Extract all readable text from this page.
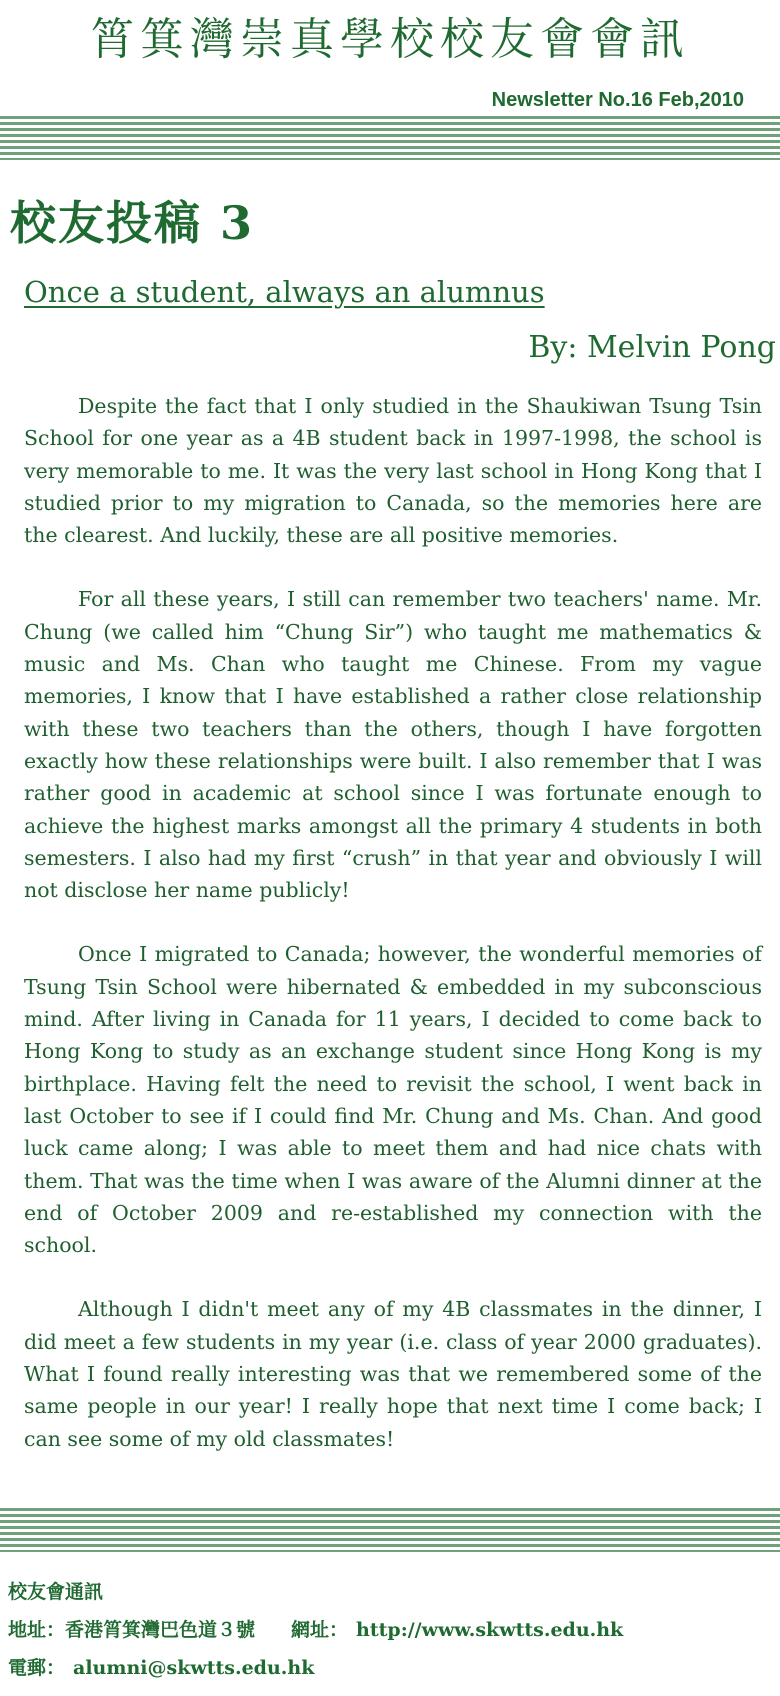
筲箕灣崇真學校校友會會訊
Newsletter No.16 Feb,2010
校友投稿 3
Once a student, always an alumnus
By: Melvin Pong

Despite the fact that I only studied in the Shaukiwan Tsung Tsin School for one year as a 4B student back in 1997-1998, the school is very memorable to me. It was the very last school in Hong Kong that I studied prior to my migration to Canada, so the memories here are the clearest. And luckily, these are all positive memories.

For all these years, I still can remember two teachers' name. Mr. Chung (we called him “Chung Sir”) who taught me mathematics & music and Ms. Chan who taught me Chinese. From my vague memories, I know that I have established a rather close relationship with these two teachers than the others, though I have forgotten exactly how these relationships were built. I also remember that I was rather good in academic at school since I was fortunate enough to achieve the highest marks amongst all the primary 4 students in both semesters. I also had my first “crush” in that year and obviously I will not disclose her name publicly!

Once I migrated to Canada; however, the wonderful memories of Tsung Tsin School were hibernated & embedded in my subconscious mind. After living in Canada for 11 years, I decided to come back to Hong Kong to study as an exchange student since Hong Kong is my birthplace. Having felt the need to revisit the school, I went back in last October to see if I could find Mr. Chung and Ms. Chan. And good luck came along; I was able to meet them and had nice chats with them. That was the time when I was aware of the Alumni dinner at the end of October 2009 and re-established my connection with the school.

Although I didn't meet any of my 4B classmates in the dinner, I did meet a few students in my year (i.e. class of year 2000 graduates). What I found really interesting was that we remembered some of the same people in our year! I really hope that next time I come back; I can see some of my old classmates!

校友會通訊
地址：香港筲箕灣巴色道３號 網址： http://www.skwtts.edu.hk
電郵： alumni@skwtts.edu.hk
